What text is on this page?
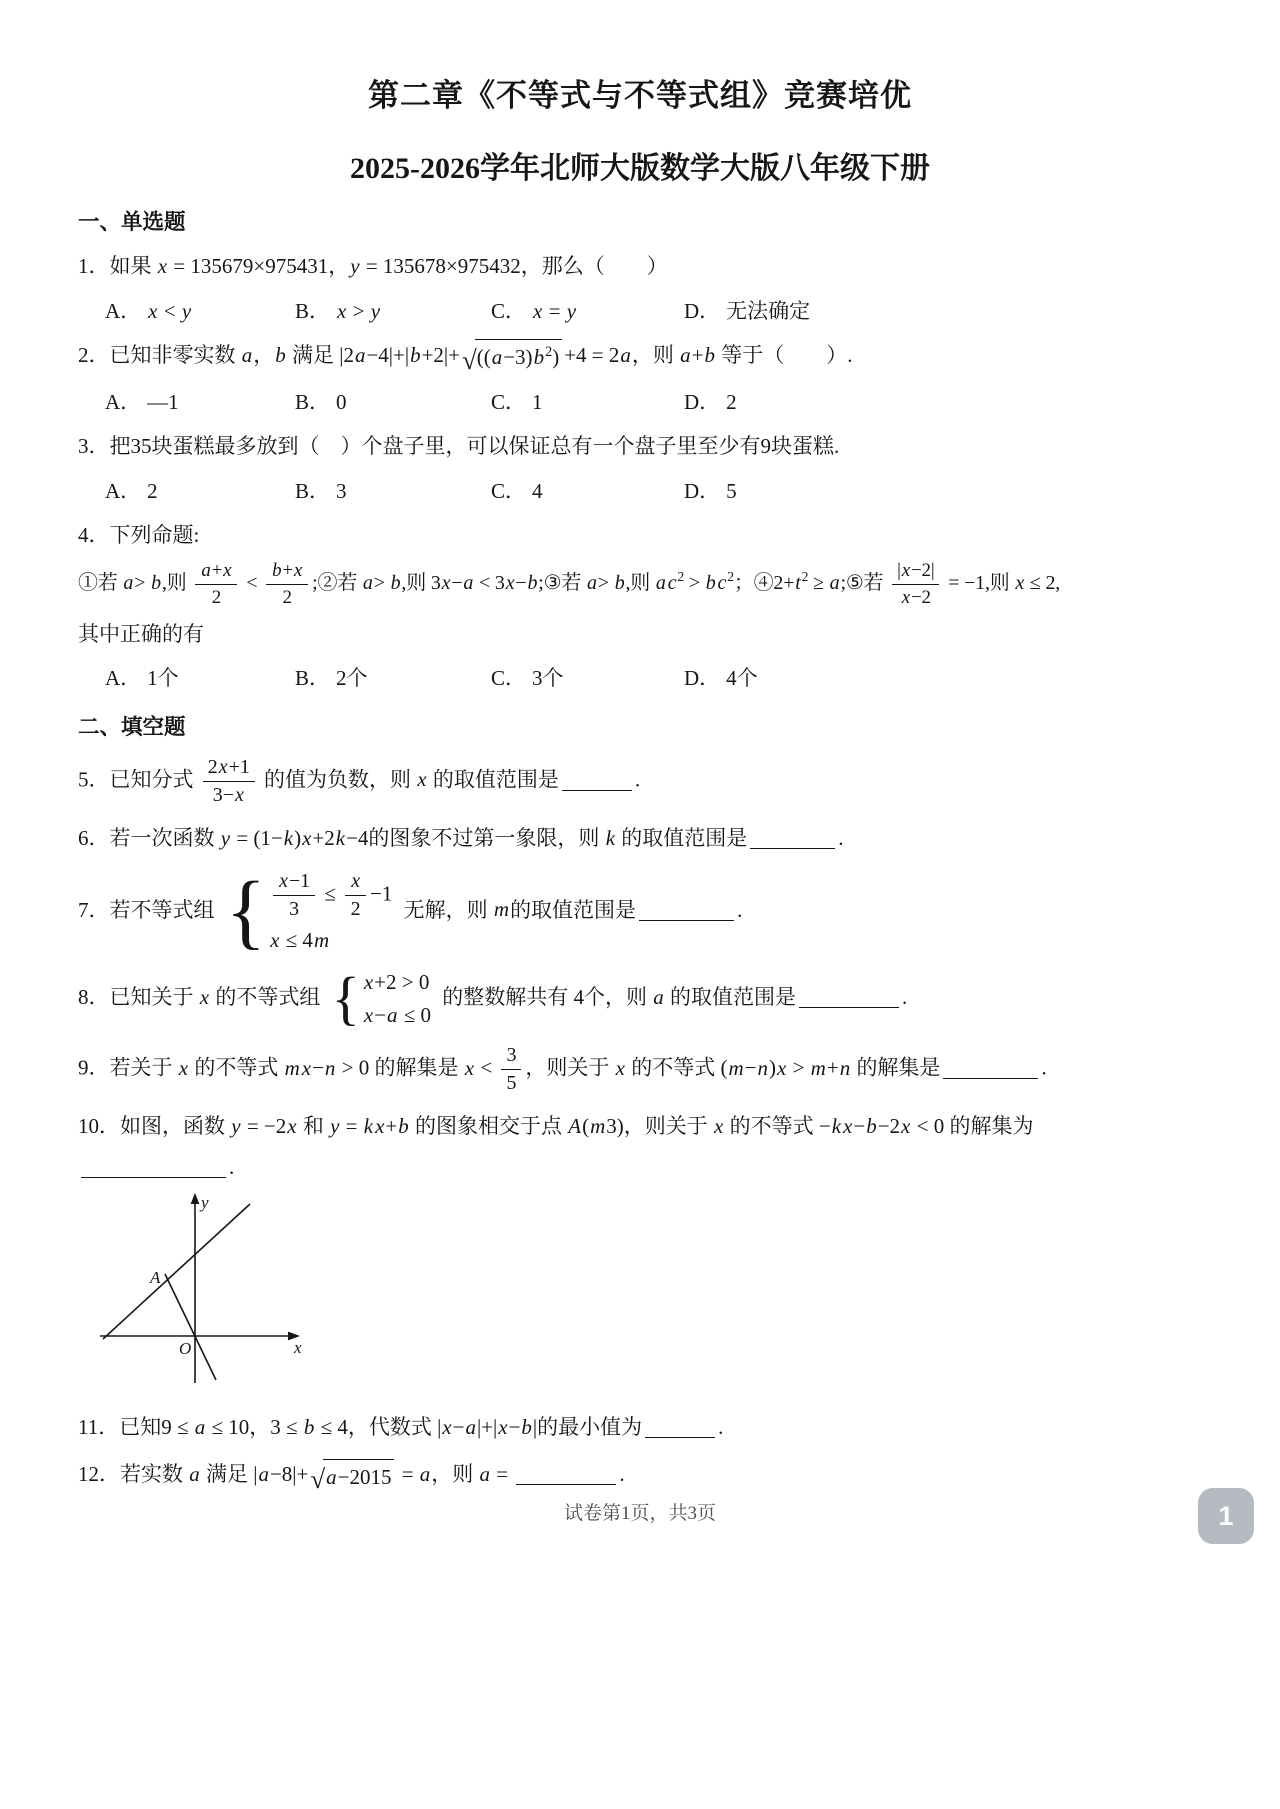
第二章《不等式与不等式组》竞赛培优
2025-2026学年北师大版数学大版八年级下册
一、单选题
1．如果 x = 135679×975431，y = 135678×975432，那么（　　）
A． x < y	B． x > y	C． x = y	D． 无法确定
2．已知非零实数 a，b 满足 |2a−4|+|b+2|+ √ $((a-3)b^2) +4 = 2a$，则 a+b 等于（　　）.
A． —1	B． 0	C． 1	D． 2
3．把35块蛋糕最多放到（　）个盘子里，可以保证总有一个盘子里至少有9块蛋糕.
A． 2	B． 3	C． 4	D． 5
4．下列命题:
①若 a> b,则 $\frac{a+x}{2} < \frac{b+x}{2}$ ;②若 a> b,则 3x−a < 3x−b;③若 a> b,则 a $c^2 > b$ $c^2$；$④2+t^2$ ≥ a;⑤若 $\frac{|x-2|}{x-2} = -1$,则 x ≤ 2,
其中正确的有
A． 1个	B． 2个	C． 3个	D． 4个
二、填空题
5．已知分式 $\frac{2x+1}{3-x}$ 的值为负数，则 x 的取值范围是	.
6．若一次函数 y = (1−k)x+2k−4的图象不过第一象限，则 k 的取值范围是	.
7．若不等式组 { $\frac{x-1}{3} \le \frac{x}{2} -1$
x ≤ 4m
无解，则 m的取值范围是	.
8．已知关于 x 的不等式组 { x+2 > 0
x−a ≤ 0
的整数解共有 4个，则 a 的取值范围是	.
9．若关于 x 的不等式 mx−n > 0 的解集是 $x < \frac{3}{5}$ ，则关于 x 的不等式 (m−n)x > m+n 的解集是	.
10．如图，函数 y = −2x 和 y = kx+b 的图象相交于点 A(m3)，则关于 x 的不等式 −kx−b−2x < 0 的解集为
.
y
x
O
A
11．已知9 ≤ a ≤ 10，3 ≤ b ≤ 4，代数式 |x−a|+|x−b|的最小值为	.
12．若实数 a 满足 |a−8|+ √ a−2015 = a，则 a =	.
试卷第1页，共3页	1
